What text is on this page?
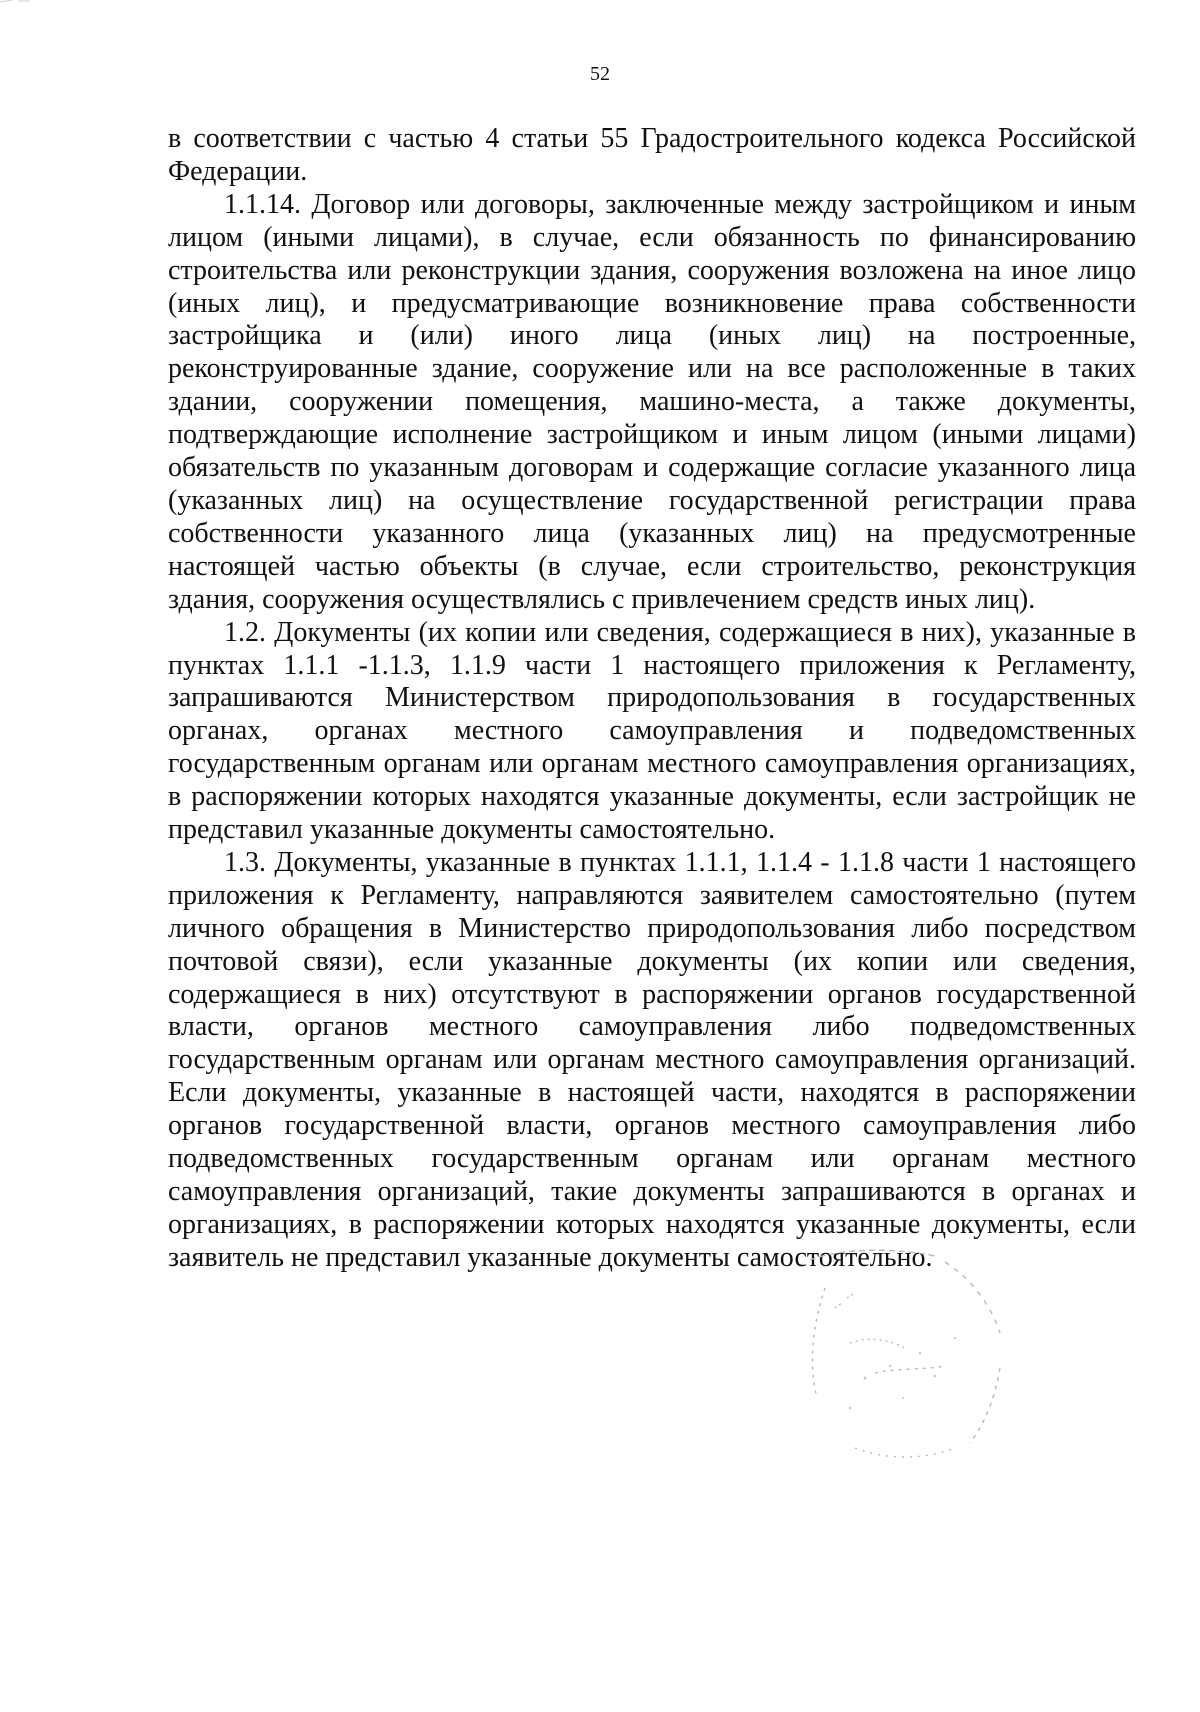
52

в соответствии с частью 4 статьи 55 Градостроительного кодекса Российской Федерации.

1.1.14. Договор или договоры, заключенные между застройщиком и иным лицом (иными лицами), в случае, если обязанность по финансированию строительства или реконструкции здания, сооружения возложена на иное лицо (иных лиц), и предусматривающие возникновение права собственности застройщика и (или) иного лица (иных лиц) на построенные, реконструированные здание, сооружение или на все расположенные в таких здании, сооружении помещения, машино-места, а также документы, подтверждающие исполнение застройщиком и иным лицом (иными лицами) обязательств по указанным договорам и содержащие согласие указанного лица (указанных лиц) на осуществление государственной регистрации права собственности указанного лица (указанных лиц) на предусмотренные настоящей частью объекты (в случае, если строительство, реконструкция здания, сооружения осуществлялись с привлечением средств иных лиц).

1.2. Документы (их копии или сведения, содержащиеся в них), указанные в пунктах 1.1.1 -1.1.3, 1.1.9 части 1 настоящего приложения к Регламенту, запрашиваются Министерством природопользования в государственных органах, органах местного самоуправления и подведомственных государственным органам или органам местного самоуправления организациях, в распоряжении которых находятся указанные документы, если застройщик не представил указанные документы самостоятельно.

1.3. Документы, указанные в пунктах 1.1.1, 1.1.4 - 1.1.8 части 1 настоящего приложения к Регламенту, направляются заявителем самостоятельно (путем личного обращения в Министерство природопользования либо посредством почтовой связи), если указанные документы (их копии или сведения, содержащиеся в них) отсутствуют в распоряжении органов государственной власти, органов местного самоуправления либо подведомственных государственным органам или органам местного самоуправления организаций. Если документы, указанные в настоящей части, находятся в распоряжении органов государственной власти, органов местного самоуправления либо подведомственных государственным органам или органам местного самоуправления организаций, такие документы запрашиваются в органах и организациях, в распоряжении которых находятся указанные документы, если заявитель не представил указанные документы самостоятельно.
